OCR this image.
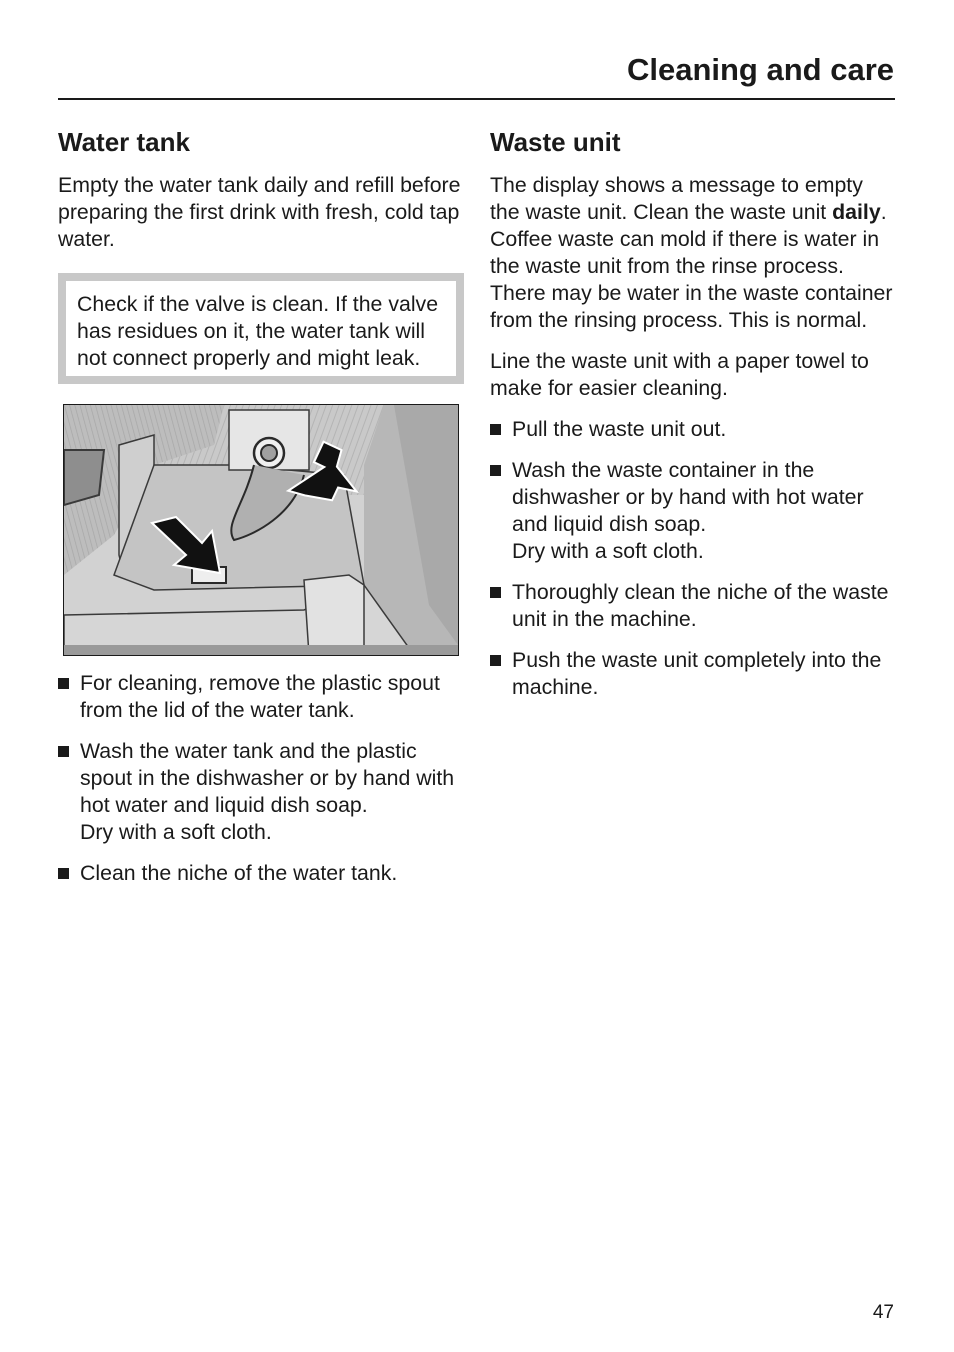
Cleaning and care
Water tank

Empty the water tank daily and refill before preparing the first drink with fresh, cold tap water.

Check if the valve is clean. If the valve has residues on it, the water tank will not connect properly and might leak.
For cleaning, remove the plastic spout from the lid of the water tank.
Wash the water tank and the plastic spout in the dishwasher or by hand with hot water and liquid dish soap.
Dry with a soft cloth.
Clean the niche of the water tank.
Waste unit

The display shows a message to empty the waste unit. Clean the waste unit daily. Coffee waste can mold if there is water in the waste unit from the rinse process.
There may be water in the waste container from the rinsing process. This is normal.

Line the waste unit with a paper towel to make for easier cleaning.

Pull the waste unit out.
Wash the waste container in the dishwasher or by hand with hot water and liquid dish soap.
Dry with a soft cloth.
Thoroughly clean the niche of the waste unit in the machine.
Push the waste unit completely into the machine.
47
